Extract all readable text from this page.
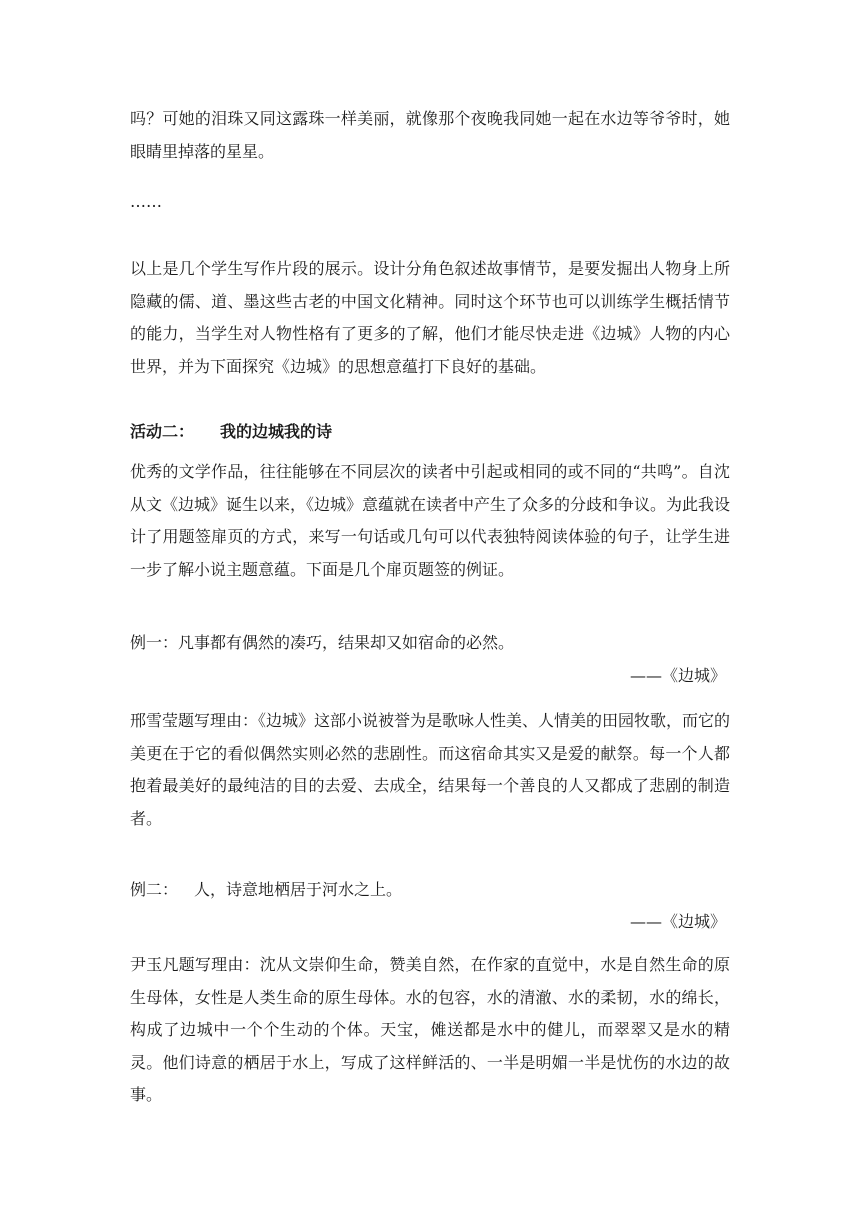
吗？可她的泪珠又同这露珠一样美丽，就像那个夜晚我同她一起在水边等爷爷时，她眼睛里掉落的星星。

……

以上是几个学生写作片段的展示。设计分角色叙述故事情节，是要发掘出人物身上所隐藏的儒、道、墨这些古老的中国文化精神。同时这个环节也可以训练学生概括情节的能力，当学生对人物性格有了更多的了解，他们才能尽快走进《边城》人物的内心世界，并为下面探究《边城》的思想意蕴打下良好的基础。

活动二： 我的边城我的诗

优秀的文学作品，往往能够在不同层次的读者中引起或相同的或不同的“共鸣”。自沈从文《边城》诞生以来，《边城》意蕴就在读者中产生了众多的分歧和争议。为此我设计了用题签扉页的方式，来写一句话或几句可以代表独特阅读体验的句子，让学生进一步了解小说主题意蕴。下面是几个扉页题签的例证。

例一：凡事都有偶然的凑巧，结果却又如宿命的必然。

——《边城》

邢雪莹题写理由：《边城》这部小说被誉为是歌咏人性美、人情美的田园牧歌，而它的美更在于它的看似偶然实则必然的悲剧性。而这宿命其实又是爱的献祭。每一个人都抱着最美好的最纯洁的目的去爱、去成全，结果每一个善良的人又都成了悲剧的制造者。

例二： 人，诗意地栖居于河水之上。

——《边城》

尹玉凡题写理由：沈从文崇仰生命，赞美自然，在作家的直觉中，水是自然生命的原生母体，女性是人类生命的原生母体。水的包容，水的清澈、水的柔韧，水的绵长，构成了边城中一个个生动的个体。天宝，傩送都是水中的健儿，而翠翠又是水的精灵。他们诗意的栖居于水上，写成了这样鲜活的、一半是明媚一半是忧伤的水边的故事。
